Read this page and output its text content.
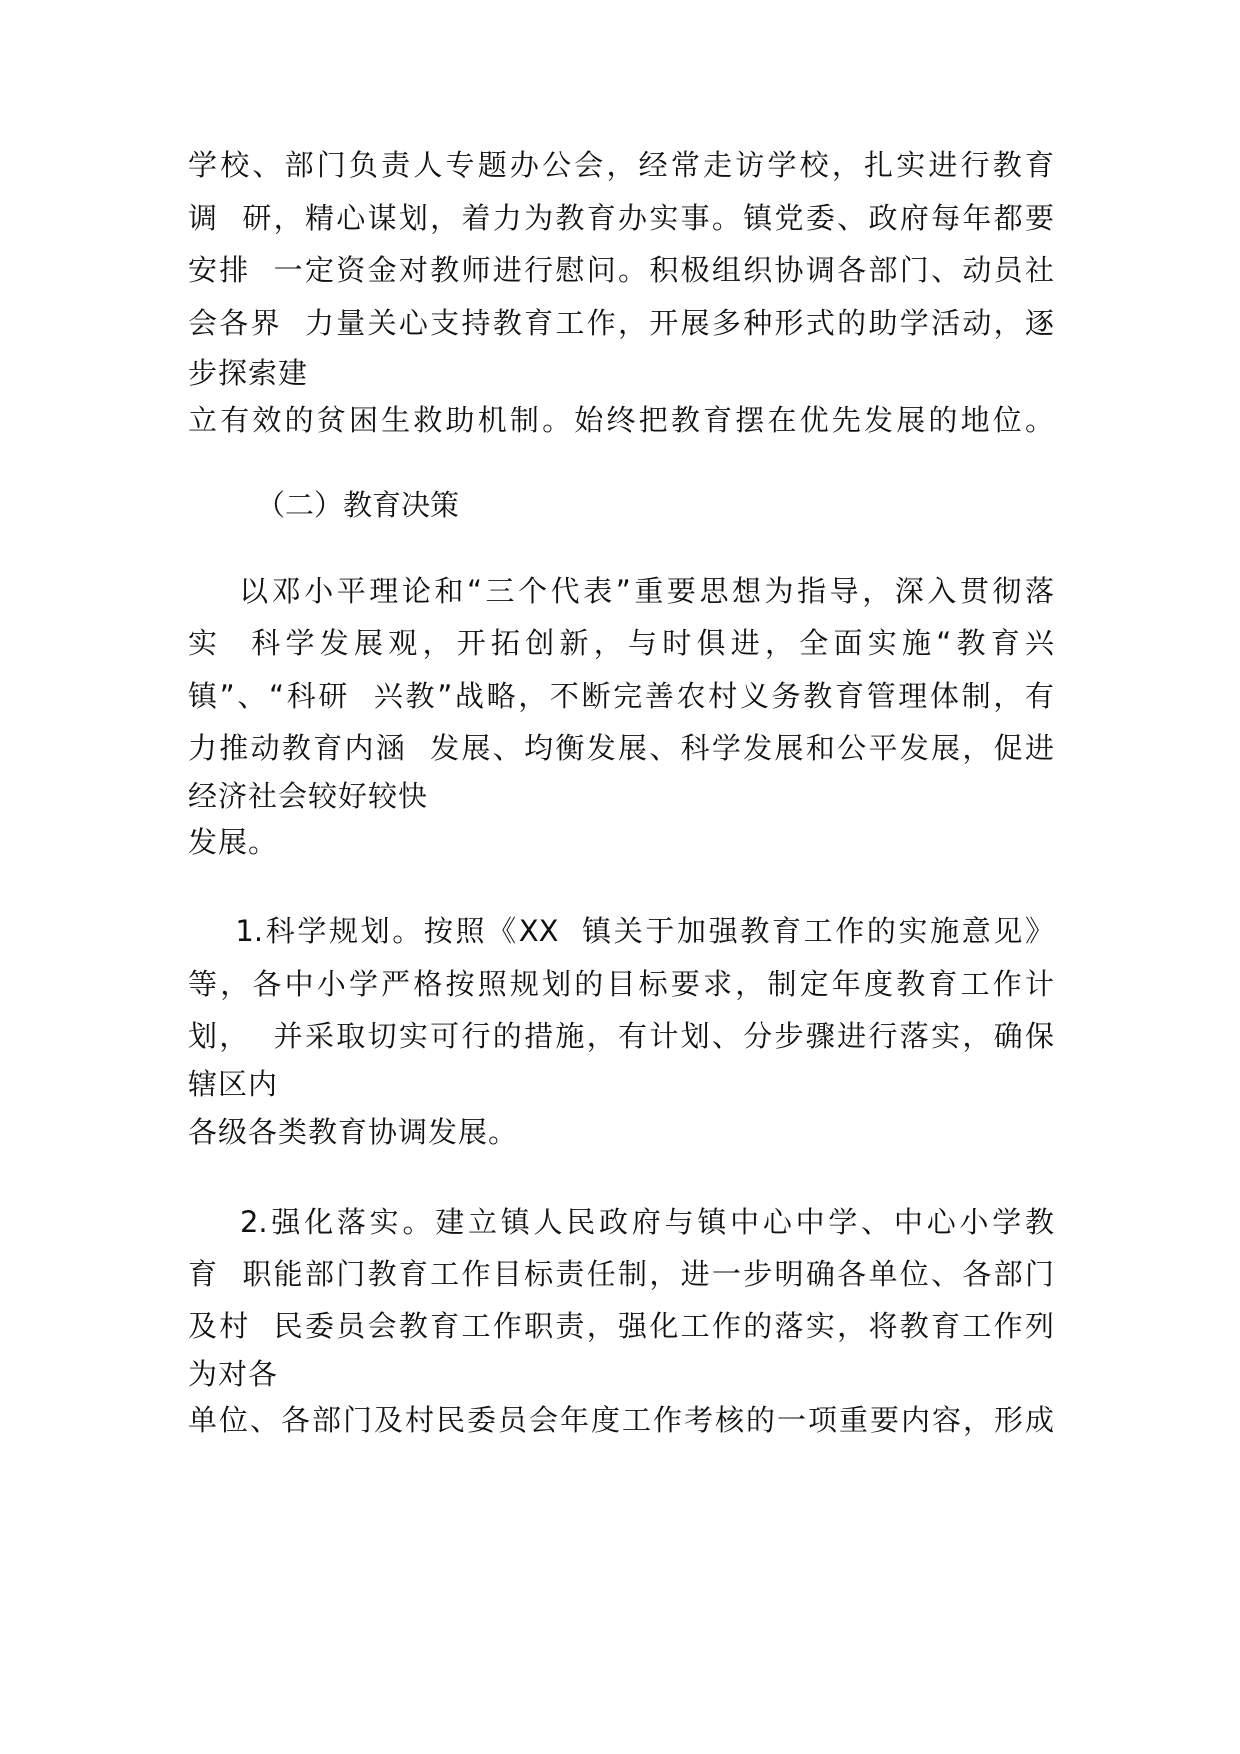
学校、部门负责人专题办公会，经常走访学校，扎实进行教育
调  研，精心谋划，着力为教育办实事。镇党委、政府每年都要
安排  一定资金对教师进行慰问。积极组织协调各部门、动员社
会各界  力量关心支持教育工作，开展多种形式的助学活动，逐
步探索建
立有效的贫困生救助机制。始终把教育摆在优先发展的地位。
（二）教育决策
以邓小平理论和“三个代表”重要思想为指导，深入贯彻落
实  科学发展观，开拓创新，与时俱进，全面实施“教育兴
镇”、“科研  兴教”战略，不断完善农村义务教育管理体制，有
力推动教育内涵  发展、均衡发展、科学发展和公平发展，促进
经济社会较好较快
发展。
1.科学规划。按照《XX  镇关于加强教育工作的实施意见》
等，各中小学严格按照规划的目标要求，制定年度教育工作计
划，  并采取切实可行的措施，有计划、分步骤进行落实，确保
辖区内
各级各类教育协调发展。
2.强化落实。建立镇人民政府与镇中心中学、中心小学教
育  职能部门教育工作目标责任制，进一步明确各单位、各部门
及村  民委员会教育工作职责，强化工作的落实，将教育工作列
为对各
单位、各部门及村民委员会年度工作考核的一项重要内容，形成
